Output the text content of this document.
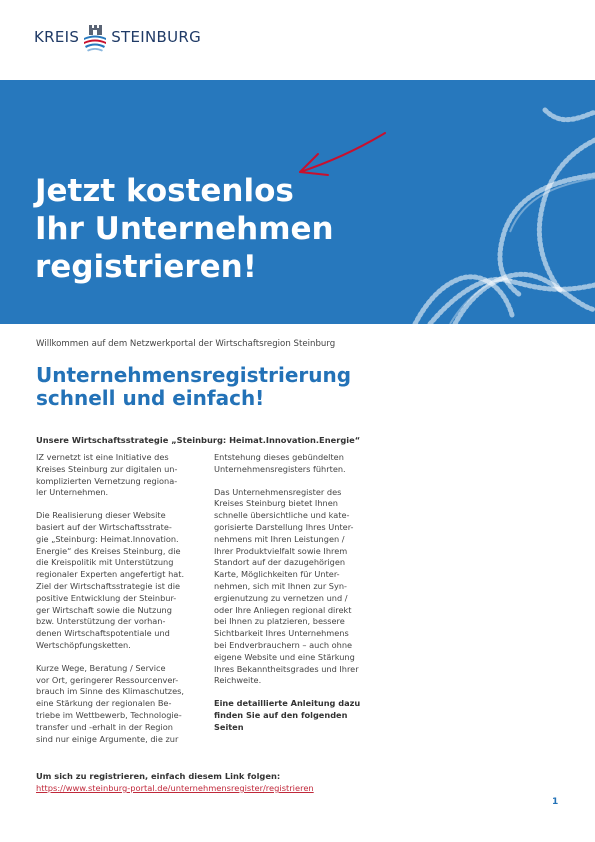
KREIS STEINBURG
Jetzt kostenlos
Ihr Unternehmen
registrieren!
Willkommen auf dem Netzwerkportal der Wirtschaftsregion Steinburg
Unternehmensregistrierung
schnell und einfach!
Unsere Wirtschaftsstrategie „Steinburg: Heimat.Innovation.Energie“
IZ vernetzt ist eine Initiative des
Kreises Steinburg zur digitalen un-
komplizierten Vernetzung regiona-
ler Unternehmen.
Die Realisierung dieser Website
basiert auf der Wirtschaftsstrate-
gie „Steinburg: Heimat.Innovation.
Energie“ des Kreises Steinburg, die
die Kreispolitik mit Unterstützung
regionaler Experten angefertigt hat.
Ziel der Wirtschaftsstrategie ist die
positive Entwicklung der Steinbur-
ger Wirtschaft sowie die Nutzung
bzw. Unterstützung der vorhan-
denen Wirtschaftspotentiale und
Wertschöpfungsketten.
Kurze Wege, Beratung / Service
vor Ort, geringerer Ressourcenver-
brauch im Sinne des Klimaschutzes,
eine Stärkung der regionalen Be-
triebe im Wettbewerb, Technologie-
transfer und -erhalt in der Region
sind nur einige Argumente, die zur
Entstehung dieses gebündelten
Unternehmensregisters führten.
Das Unternehmensregister des
Kreises Steinburg bietet Ihnen
schnelle übersichtliche und kate-
gorisierte Darstellung Ihres Unter-
nehmens mit Ihren Leistungen /
Ihrer Produktvielfalt sowie Ihrem
Standort auf der dazugehörigen
Karte, Möglichkeiten für Unter-
nehmen, sich mit Ihnen zur Syn-
ergienutzung zu vernetzen und /
oder Ihre Anliegen regional direkt
bei Ihnen zu platzieren, bessere
Sichtbarkeit Ihres Unternehmens
bei Endverbrauchern – auch ohne
eigene Website und eine Stärkung
Ihres Bekanntheitsgrades und Ihrer
Reichweite.
Eine detaillierte Anleitung dazu
finden Sie auf den folgenden
Seiten
Um sich zu registrieren, einfach diesem Link folgen:
https://www.steinburg-portal.de/unternehmensregister/registrieren
1
